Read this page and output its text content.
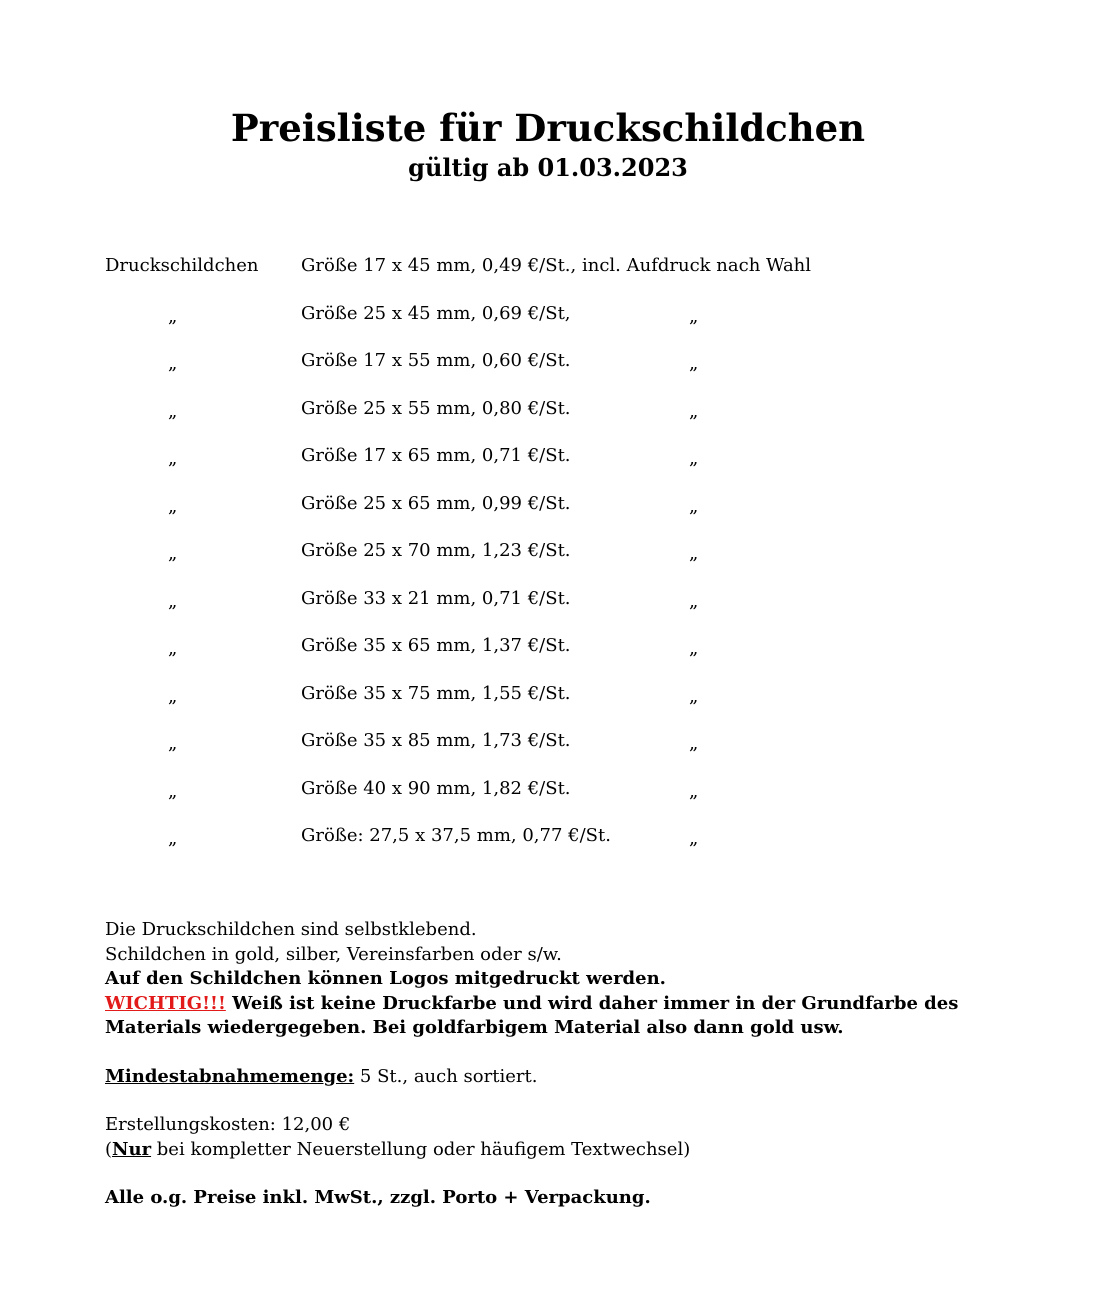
Preisliste für Druckschildchen
gültig ab 01.03.2023
Druckschildchen Größe 17 x 45 mm, 0,49 €/St., incl. Aufdruck nach Wahl
„	Größe 25 x 45 mm, 0,69 €/St,	„
„	Größe 17 x 55 mm, 0,60 €/St.	„
„	Größe 25 x 55 mm, 0,80 €/St.	„
„	Größe 17 x 65 mm, 0,71 €/St.	„
„	Größe 25 x 65 mm, 0,99 €/St.	„
„	Größe 25 x 70 mm, 1,23 €/St.	„
„	Größe 33 x 21 mm, 0,71 €/St.	„
„	Größe 35 x 65 mm, 1,37 €/St.	„
„	Größe 35 x 75 mm, 1,55 €/St.	„
„	Größe 35 x 85 mm, 1,73 €/St.	„
„	Größe 40 x 90 mm, 1,82 €/St.	„
„	Größe: 27,5 x 37,5 mm, 0,77 €/St.	„

Die Druckschildchen sind selbstklebend.

Schildchen in gold, silber, Vereinsfarben oder s/w.

Auf den Schildchen können Logos mitgedruckt werden.

WICHTIG!!! Weiß ist keine Druckfarbe und wird daher immer in der Grundfarbe des Materials wiedergegeben. Bei goldfarbigem Material also dann gold usw.

Mindestabnahmemenge: 5 St., auch sortiert.

Erstellungskosten: 12,00 €

(Nur bei kompletter Neuerstellung oder häufigem Textwechsel)

Alle o.g. Preise inkl. MwSt., zzgl. Porto + Verpackung.
